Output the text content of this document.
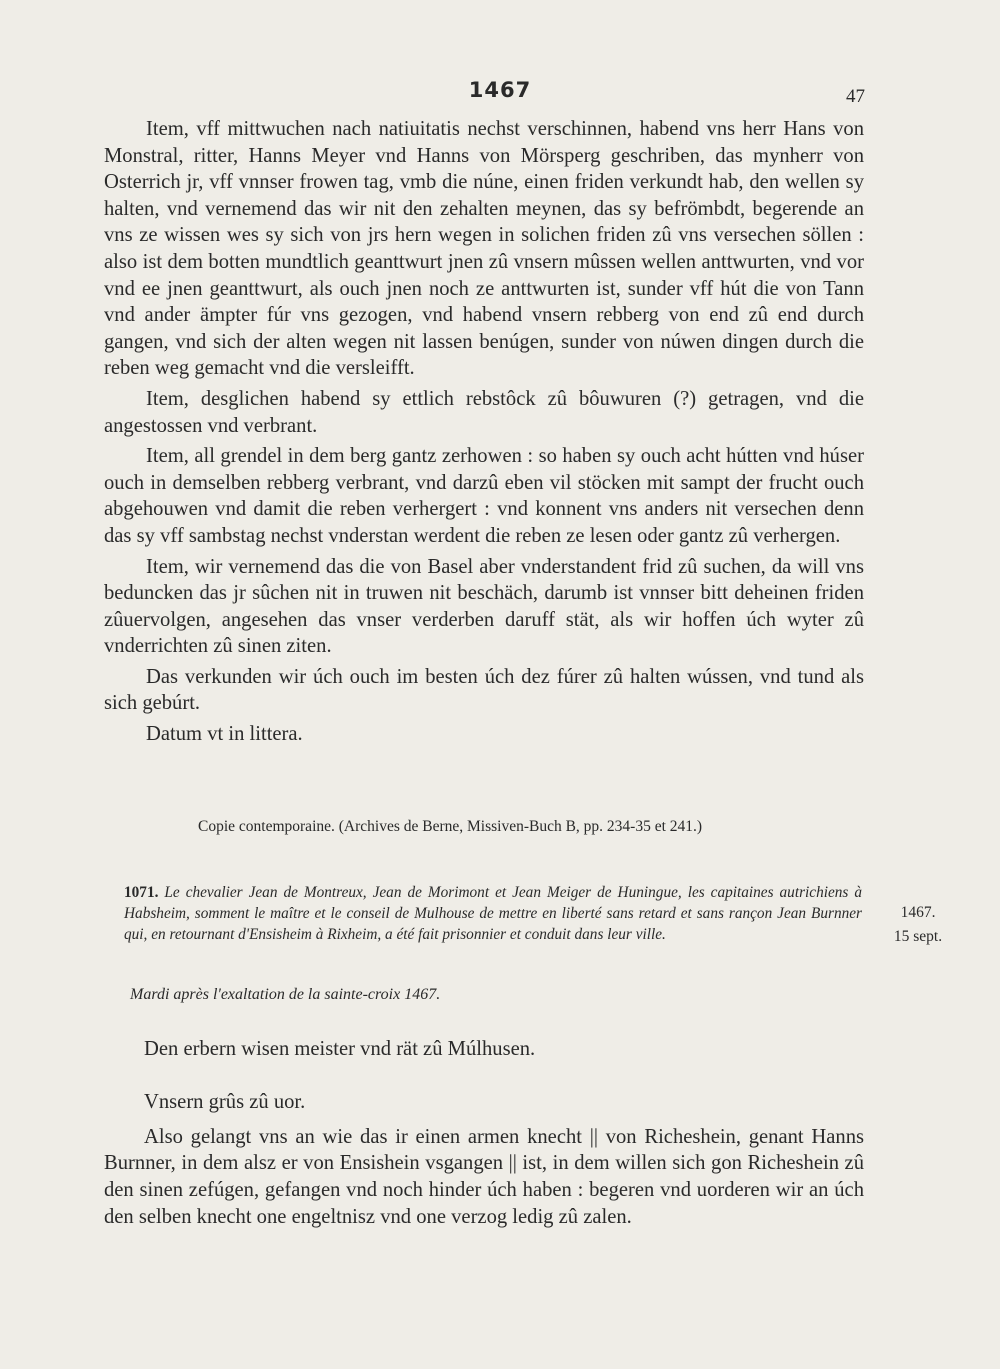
1467	47

Item, vff mittwuchen nach natiuitatis nechst verschinnen, habend vns herr Hans von Monstral, ritter, Hanns Meyer vnd Hanns von Mörsperg geschriben, das mynherr von Osterrich jr, vff vnnser frowen tag, vmb die núne, einen friden verkundt hab, den wellen sy halten, vnd vernemend das wir nit den zehalten meynen, das sy befrömbdt, begerende an vns ze wissen wes sy sich von jrs hern wegen in solichen friden zû vns versechen söllen : also ist dem botten mundtlich geanttwurt jnen zû vnsern mûssen wellen anttwurten, vnd vor vnd ee jnen geanttwurt, als ouch jnen noch ze anttwurten ist, sunder vff hút die von Tann vnd ander ämpter fúr vns gezogen, vnd habend vnsern rebberg von end zû end durch gangen, vnd sich der alten wegen nit lassen benúgen, sunder von núwen dingen durch die reben weg gemacht vnd die versleifft.

Item, desglichen habend sy ettlich rebstôck zû bôuwuren (?) getragen, vnd die angestossen vnd verbrant.

Item, all grendel in dem berg gantz zerhowen : so haben sy ouch acht hútten vnd húser ouch in demselben rebberg verbrant, vnd darzû eben vil stöcken mit sampt der frucht ouch abgehouwen vnd damit die reben verhergert : vnd konnent vns anders nit versechen denn das sy vff sambstag nechst vnderstan werdent die reben ze lesen oder gantz zû verhergen.

Item, wir vernemend das die von Basel aber vnderstandent frid zû suchen, da will vns beduncken das jr sûchen nit in truwen nit beschäch, darumb ist vnnser bitt deheinen friden zûuervolgen, angesehen das vnser verderben daruff stät, als wir hoffen úch wyter zû vnderrichten zû sinen ziten.

Das verkunden wir úch ouch im besten úch dez fúrer zû halten wússen, vnd tund als sich gebúrt.

Datum vt in littera.

Copie contemporaine. (Archives de Berne, Missiven-Buch B, pp. 234-35 et 241.)
1071. Le chevalier Jean de Montreux, Jean de Morimont et Jean Meiger de Huningue, les capitaines autrichiens à Habsheim, somment le maître et le conseil de Mulhouse de mettre en liberté sans retard et sans rançon Jean Burnner qui, en retournant d'Ensisheim à Rixheim, a été fait prisonnier et conduit dans leur ville.
1467.
15 sept.
Mardi après l'exaltation de la sainte-croix 1467.

Den erbern wisen meister vnd rät zû Múlhusen.

Vnsern grûs zû uor.

Also gelangt vns an wie das ir einen armen knecht || von Richeshein, genant Hanns Burnner, in dem alsz er von Ensishein vsgangen || ist, in dem willen sich gon Richeshein zû den sinen zefúgen, gefangen vnd noch hinder úch haben : begeren vnd uorderen wir an úch den selben knecht one engeltnisz vnd one verzog ledig zû zalen.
